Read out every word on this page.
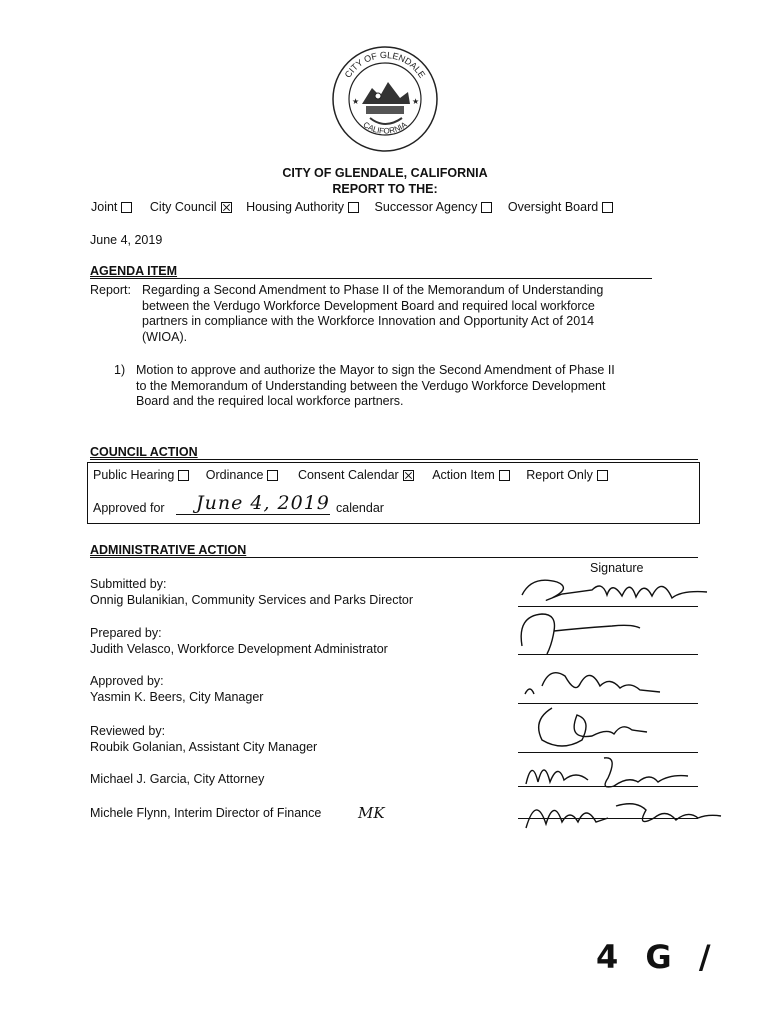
CITY OF GLENDALE
CALIFORNIA
★	★
CITY OF GLENDALE, CALIFORNIA
REPORT TO THE:
Joint	City Council Housing Authority Successor Agency Oversight Board
June 4, 2019
AGENDA ITEM
Report: Regarding a Second Amendment to Phase II of the Memorandum of Understanding
between the Verdugo Workforce Development Board and required local workforce
partners in compliance with the Workforce Innovation and Opportunity Act of 2014
(WIOA).
1) Motion to approve and authorize the Mayor to sign the Second Amendment of Phase II
to the Memorandum of Understanding between the Verdugo Workforce Development
Board and the required local workforce partners.
COUNCIL ACTION
Public Hearing	Ordinance	Consent Calendar	Action Item	Report Only
Approved for June 4, 2019 calendar
ADMINISTRATIVE ACTION
Signature
Submitted by:
Onnig Bulanikian, Community Services and Parks Director
Prepared by:
Judith Velasco, Workforce Development Administrator
Approved by:
Yasmin K. Beers, City Manager
Reviewed by:
Roubik Golanian, Assistant City Manager
Michael J. Garcia, City Attorney
Michele Flynn, Interim Director of Finance MK
4 G /
